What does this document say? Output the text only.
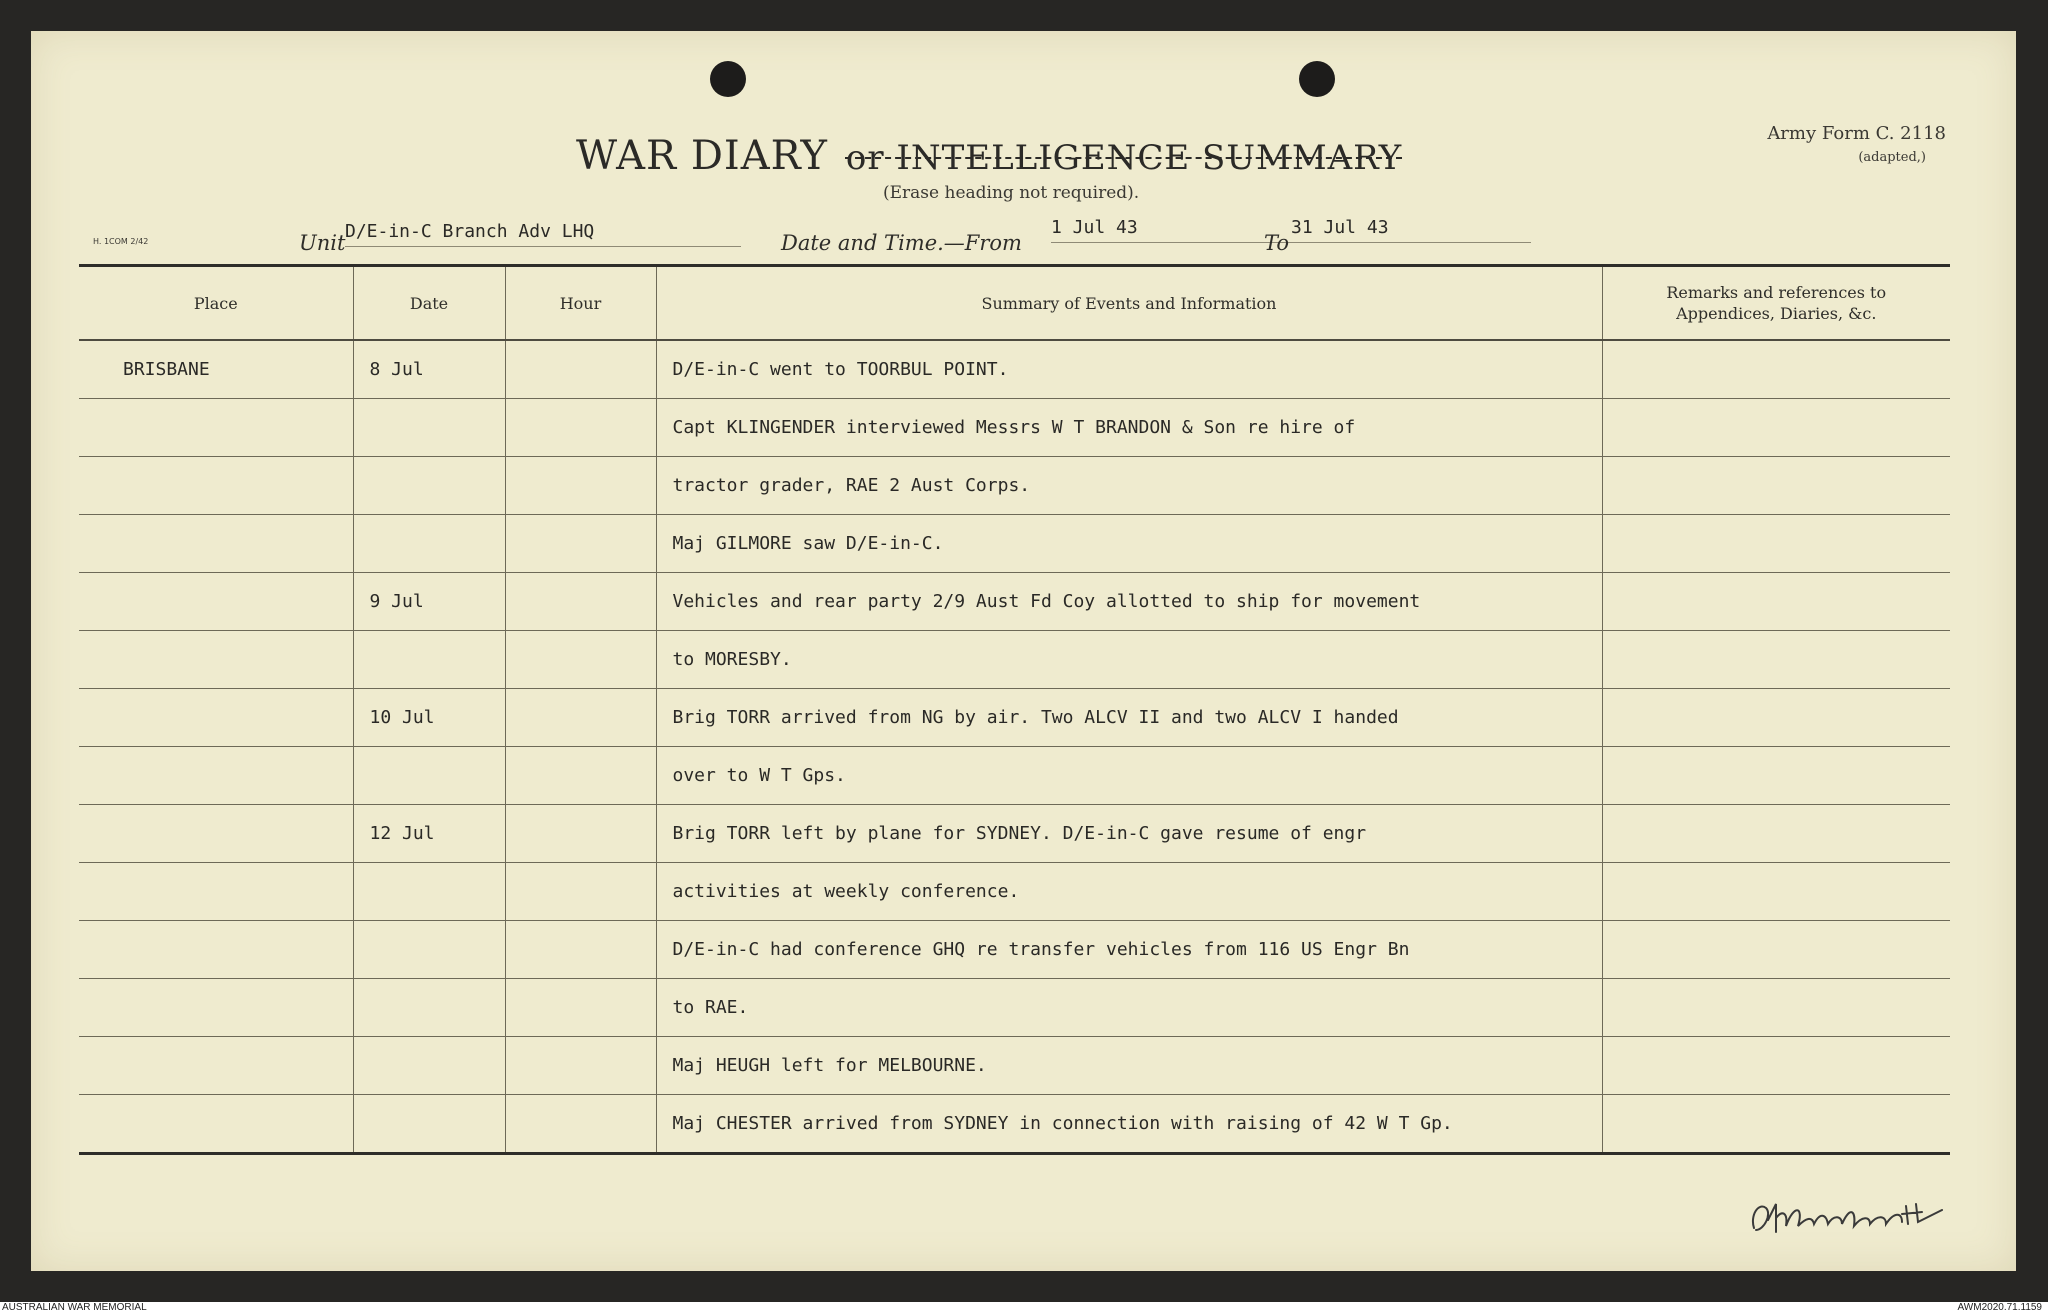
WAR DIARY or INTELLIGENCE SUMMARY
(Erase heading not required).
Army Form C. 2118
(adapted,)
H. 1COM 2/42	Unit D/E-in-C Branch Adv LHQ	Date and Time.—From
1 Jul 43
To
31 Jul 43
Place	Date	Hour	Summary of Events and Information	Remarks and references to
Appendices, Diaries, &c.
BRISBANE	8 Jul		D/E-in-C went to TOORBUL POINT.	
			Capt KLINGENDER interviewed Messrs W T BRANDON & Son re hire of	
			tractor grader, RAE 2 Aust Corps.	
			Maj GILMORE saw D/E-in-C.	
	9 Jul		Vehicles and rear party 2/9 Aust Fd Coy allotted to ship for movement	
			to MORESBY.	
	10 Jul		Brig TORR arrived from NG by air. Two ALCV II and two ALCV I handed	
			over to W T Gps.	
	12 Jul		Brig TORR left by plane for SYDNEY. D/E-in-C gave resume of engr	
			activities at weekly conference.	
			D/E-in-C had conference GHQ re transfer vehicles from 116 US Engr Bn	
			to RAE.	
			Maj HEUGH left for MELBOURNE.	
			Maj CHESTER arrived from SYDNEY in connection with raising of 42 W T Gp.	
AUSTRALIAN WAR MEMORIAL	AWM2020.71.1159
